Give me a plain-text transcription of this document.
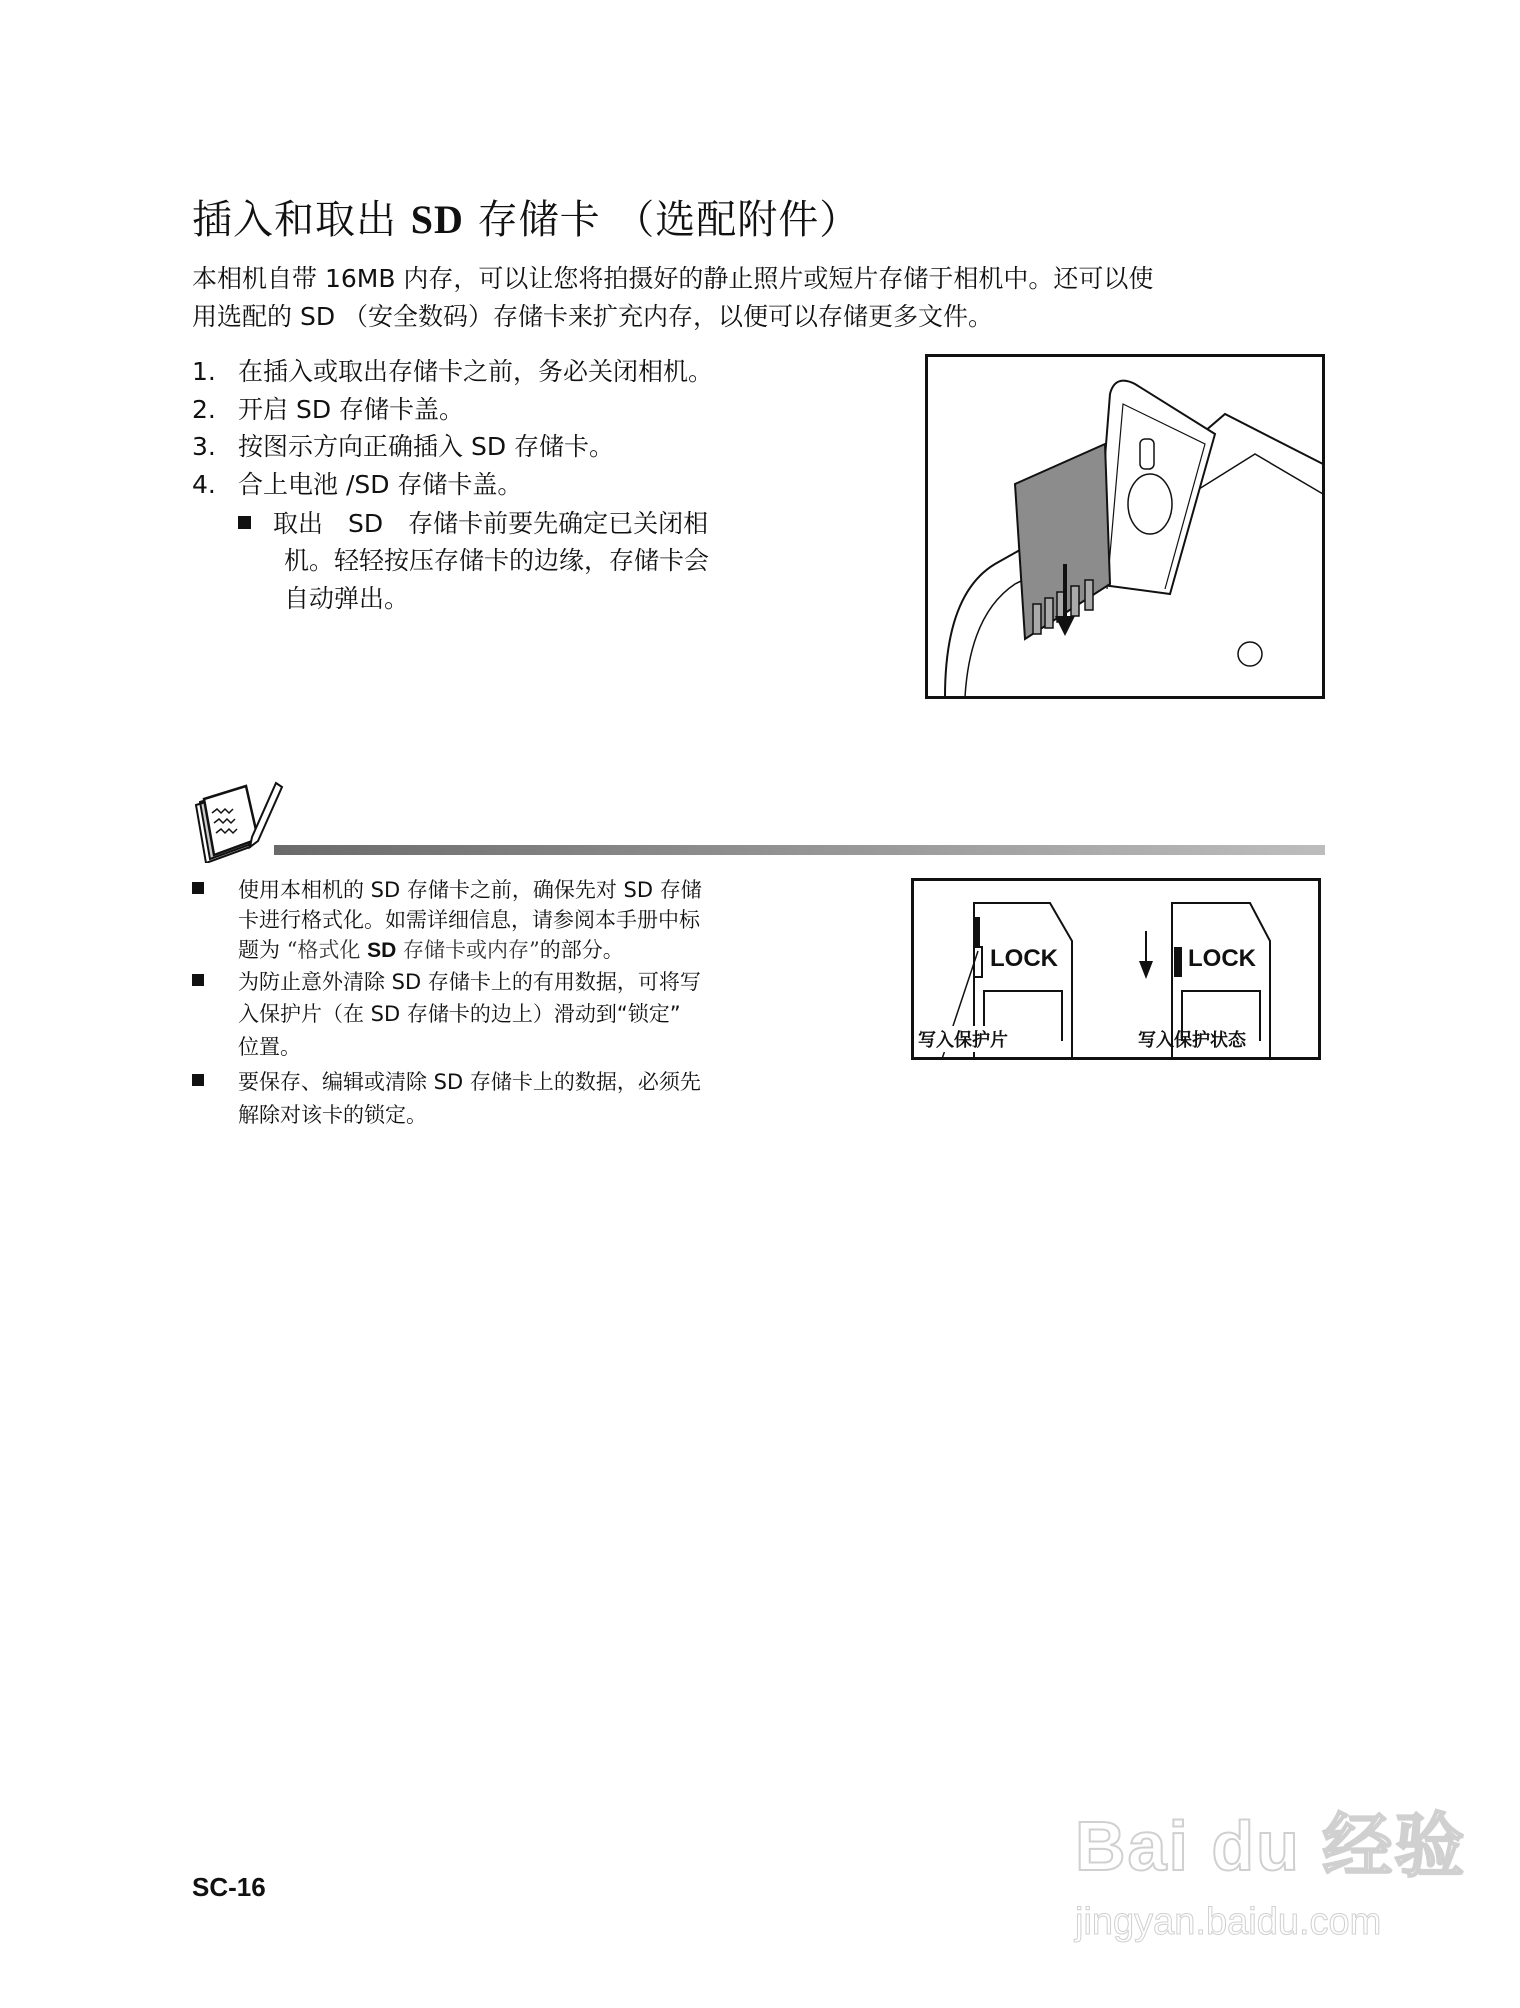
插入和取出 SD 存储卡 （选配附件）
本相机自带 16MB 内存，可以让您将拍摄好的静止照片或短片存储于相机中。还可以使
用选配的 SD （安全数码）存储卡来扩充内存，以便可以存储更多文件。
1. 在插入或取出存储卡之前，务必关闭相机。
2. 开启 SD 存储卡盖。
3. 按图示方向正确插入 SD 存储卡。
4. 合上电池 /SD 存储卡盖。
取出　SD　存储卡前要先确定已关闭相
机。轻轻按压存储卡的边缘，存储卡会
自动弹出。
使用本相机的 SD 存储卡之前，确保先对 SD 存储
卡进行格式化。如需详细信息，请参阅本手册中标
题为 “格式化 SD 存储卡或内存”的部分。
为防止意外清除 SD 存储卡上的有用数据，可将写
入保护片（在 SD 存储卡的边上）滑动到“锁定”
位置。
要保存、编辑或清除 SD 存储卡上的数据，必须先
解除对该卡的锁定。
LOCK	LOCK
写入保护片	写入保护状态
SC-16
Bai du 经验
jingyan.baidu.com
